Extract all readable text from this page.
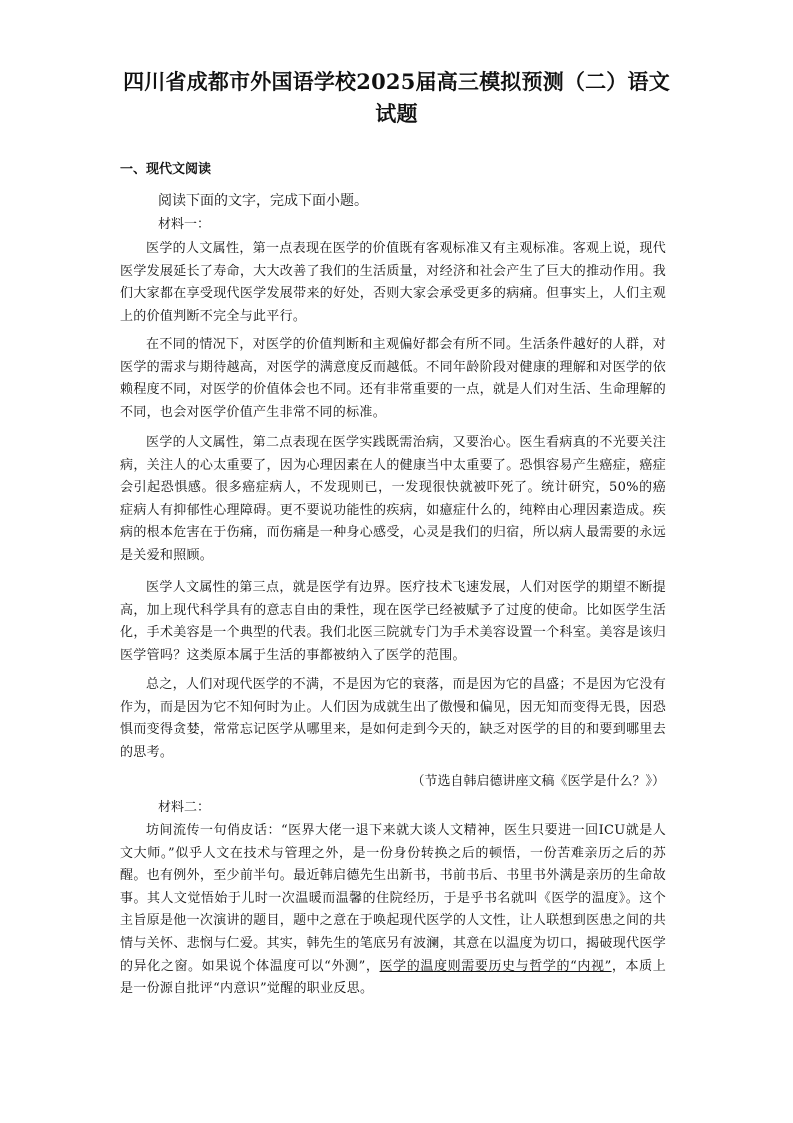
四川省成都市外国语学校2025届高三模拟预测（二）语文
试题
一、现代文阅读
阅读下面的文字，完成下面小题。
材料一：
医学的人文属性，第一点表现在医学的价值既有客观标准又有主观标准。客观上说，现代医学发展延长了寿命，大大改善了我们的生活质量，对经济和社会产生了巨大的推动作用。我们大家都在享受现代医学发展带来的好处，否则大家会承受更多的病痛。但事实上，人们主观上的价值判断不完全与此平行。
在不同的情况下，对医学的价值判断和主观偏好都会有所不同。生活条件越好的人群，对医学的需求与期待越高，对医学的满意度反而越低。不同年龄阶段对健康的理解和对医学的依赖程度不同，对医学的价值体会也不同。还有非常重要的一点，就是人们对生活、生命理解的不同，也会对医学价值产生非常不同的标准。
医学的人文属性，第二点表现在医学实践既需治病，又要治心。医生看病真的不光要关注病，关注人的心太重要了，因为心理因素在人的健康当中太重要了。恐惧容易产生癌症，癌症会引起恐惧感。很多癌症病人，不发现则已，一发现很快就被吓死了。统计研究，50%的癌症病人有抑郁性心理障碍。更不要说功能性的疾病，如癔症什么的，纯粹由心理因素造成。疾病的根本危害在于伤痛，而伤痛是一种身心感受，心灵是我们的归宿，所以病人最需要的永远是关爱和照顾。
医学人文属性的第三点，就是医学有边界。医疗技术飞速发展，人们对医学的期望不断提高，加上现代科学具有的意志自由的秉性，现在医学已经被赋予了过度的使命。比如医学生活化，手术美容是一个典型的代表。我们北医三院就专门为手术美容设置一个科室。美容是该归医学管吗？这类原本属于生活的事都被纳入了医学的范围。
总之，人们对现代医学的不满，不是因为它的衰落，而是因为它的昌盛；不是因为它没有作为，而是因为它不知何时为止。人们因为成就生出了傲慢和偏见，因无知而变得无畏，因恐惧而变得贪婪，常常忘记医学从哪里来，是如何走到今天的，缺乏对医学的目的和要到哪里去的思考。
（节选自韩启德讲座文稿《医学是什么？》）
材料二：
坊间流传一句俏皮话：“医界大佬一退下来就大谈人文精神，医生只要进一回ICU就是人文大师。”似乎人文在技术与管理之外，是一份身份转换之后的顿悟，一份苦难亲历之后的苏醒。也有例外，至少前半句。最近韩启德先生出新书，书前书后、书里书外满是亲历的生命故事。其人文觉悟始于儿时一次温暖而温馨的住院经历，于是乎书名就叫《医学的温度》。这个主旨原是他一次演讲的题目，题中之意在于唤起现代医学的人文性，让人联想到医患之间的共情与关怀、悲悯与仁爱。其实，韩先生的笔底另有波澜，其意在以温度为切口，揭破现代医学的异化之窗。如果说个体温度可以“外测”，医学的温度则需要历史与哲学的“内视”，本质上是一份源自批评“内意识”觉醒的职业反思。
